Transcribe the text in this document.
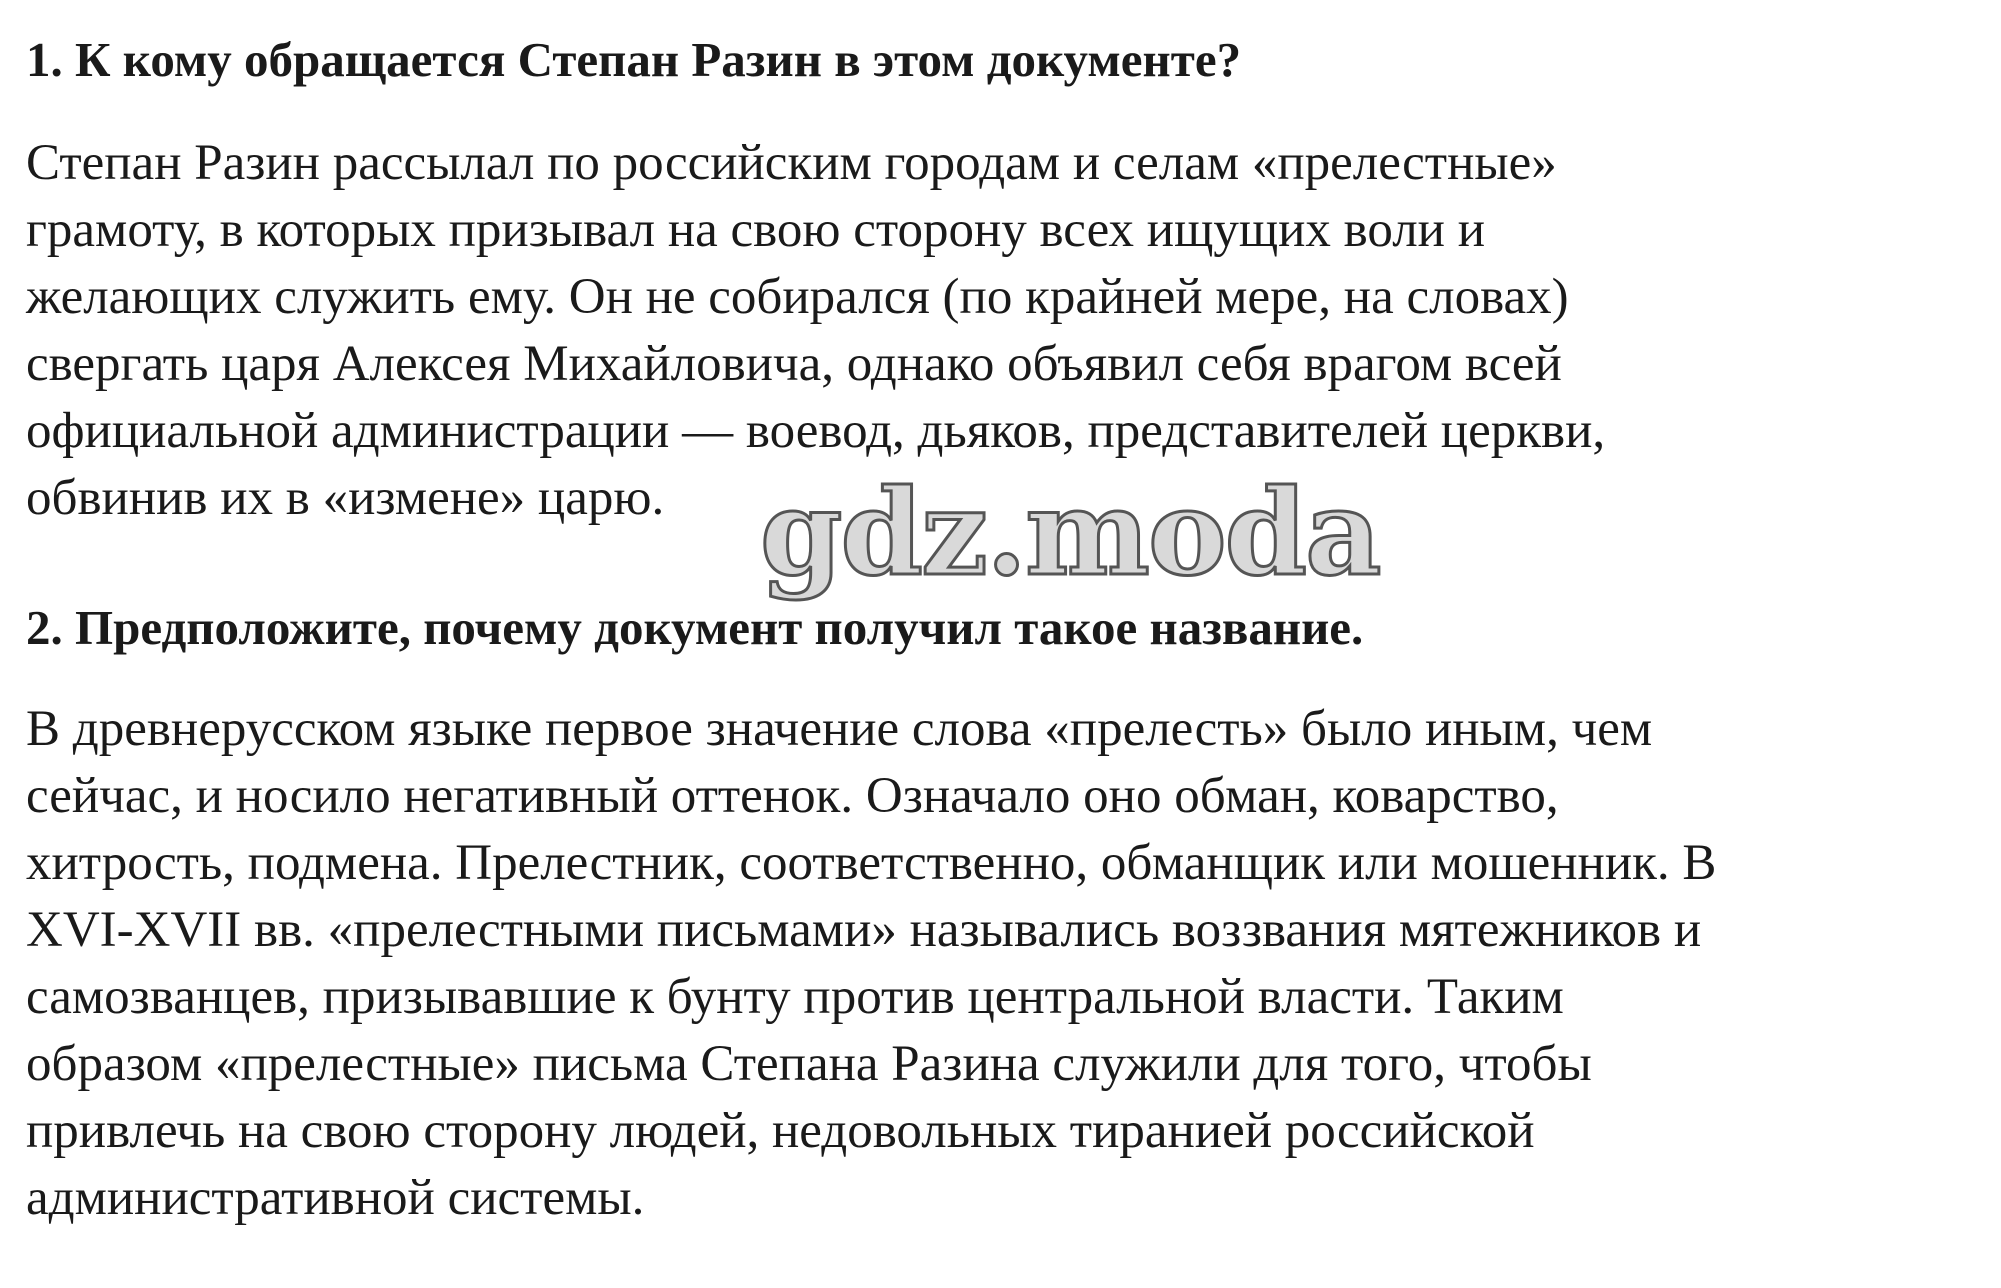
1. К кому обращается Степан Разин в этом документе?

Степан Разин рассылал по российским городам и селам «прелестные»
грамоту, в которых призывал на свою сторону всех ищущих воли и
желающих служить ему. Он не собирался (по крайней мере, на словах)
свергать царя Алексея Михайловича, однако объявил себя врагом всей
официальной администрации — воевод, дьяков, представителей церкви,
обвинив их в «измене» царю. gdz.moda
2. Предположите, почему документ получил такое название.

В древнерусском языке первое значение слова «прелесть» было иным, чем
сейчас, и носило негативный оттенок. Означало оно обман, коварство,
хитрость, подмена. Прелестник, соответственно, обманщик или мошенник. В
XVI-XVII вв. «прелестными письмами» назывались воззвания мятежников и
самозванцев, призывавшие к бунту против центральной власти. Таким
образом «прелестные» письма Степана Разина служили для того, чтобы
привлечь на свою сторону людей, недовольных тиранией российской
административной системы.
